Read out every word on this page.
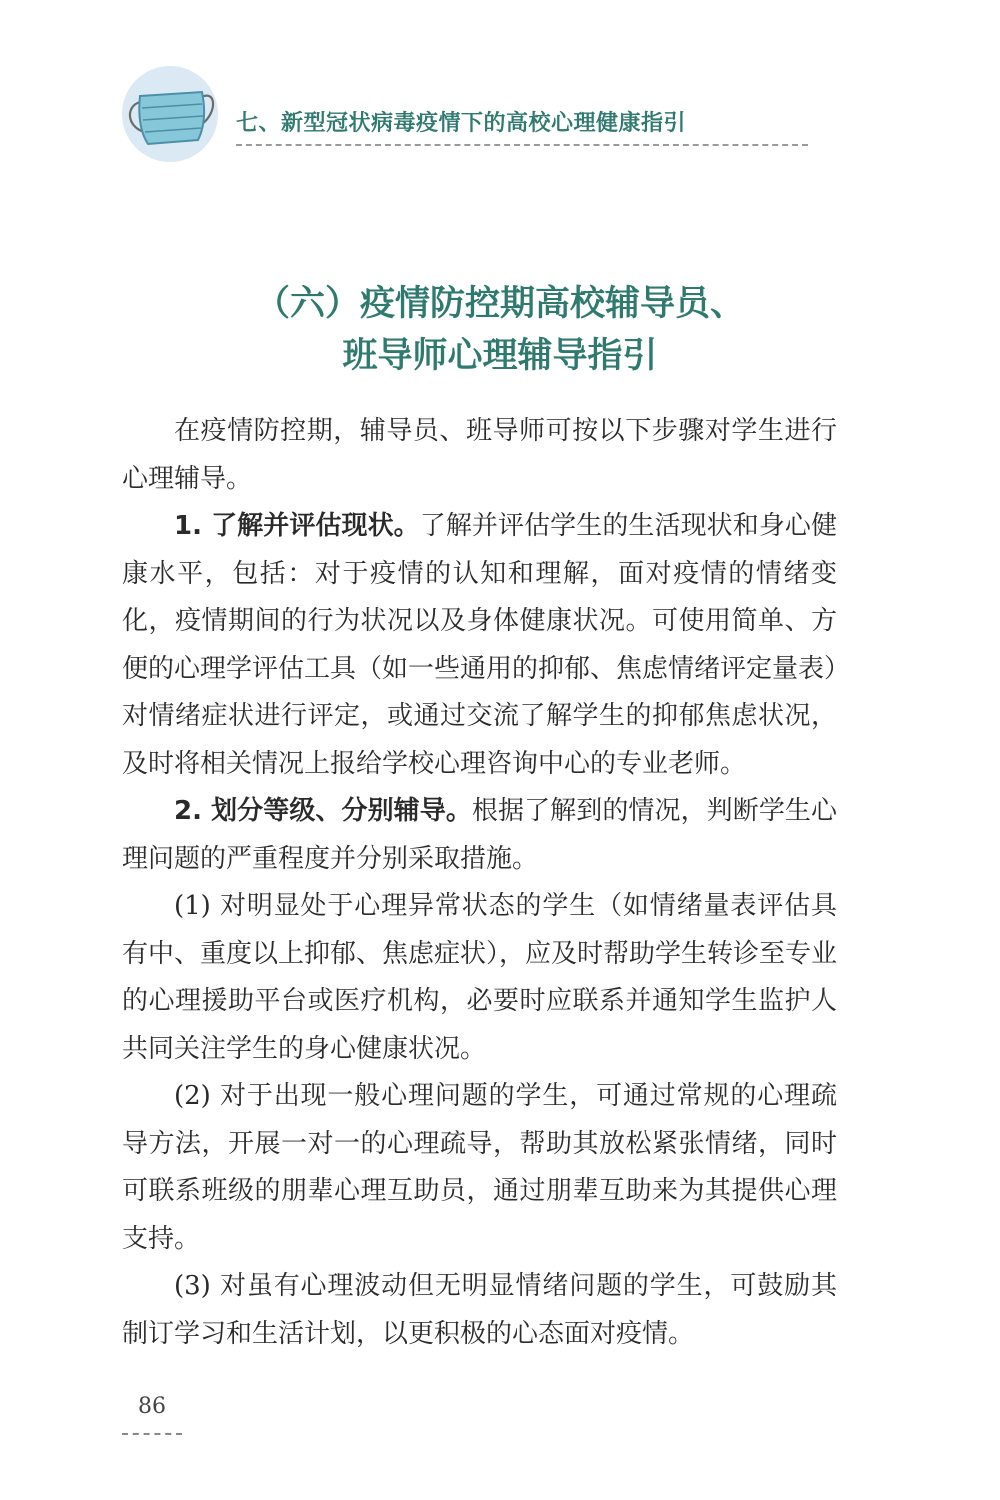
七、新型冠状病毒疫情下的高校心理健康指引
（六）疫情防控期高校辅导员、
班导师心理辅导指引

在疫情防控期，辅导员、班导师可按以下步骤对学生进行心理辅导。

1. 了解并评估现状。了解并评估学生的生活现状和身心健康水平，包括：对于疫情的认知和理解，面对疫情的情绪变化，疫情期间的行为状况以及身体健康状况。可使用简单、方便的心理学评估工具（如一些通用的抑郁、焦虑情绪评定量表）对情绪症状进行评定，或通过交流了解学生的抑郁焦虑状况，及时将相关情况上报给学校心理咨询中心的专业老师。

2. 划分等级、分别辅导。根据了解到的情况，判断学生心理问题的严重程度并分别采取措施。

(1) 对明显处于心理异常状态的学生（如情绪量表评估具有中、重度以上抑郁、焦虑症状），应及时帮助学生转诊至专业的心理援助平台或医疗机构，必要时应联系并通知学生监护人共同关注学生的身心健康状况。

(2) 对于出现一般心理问题的学生，可通过常规的心理疏导方法，开展一对一的心理疏导，帮助其放松紧张情绪，同时可联系班级的朋辈心理互助员，通过朋辈互助来为其提供心理支持。

(3) 对虽有心理波动但无明显情绪问题的学生，可鼓励其制订学习和生活计划，以更积极的心态面对疫情。

86
